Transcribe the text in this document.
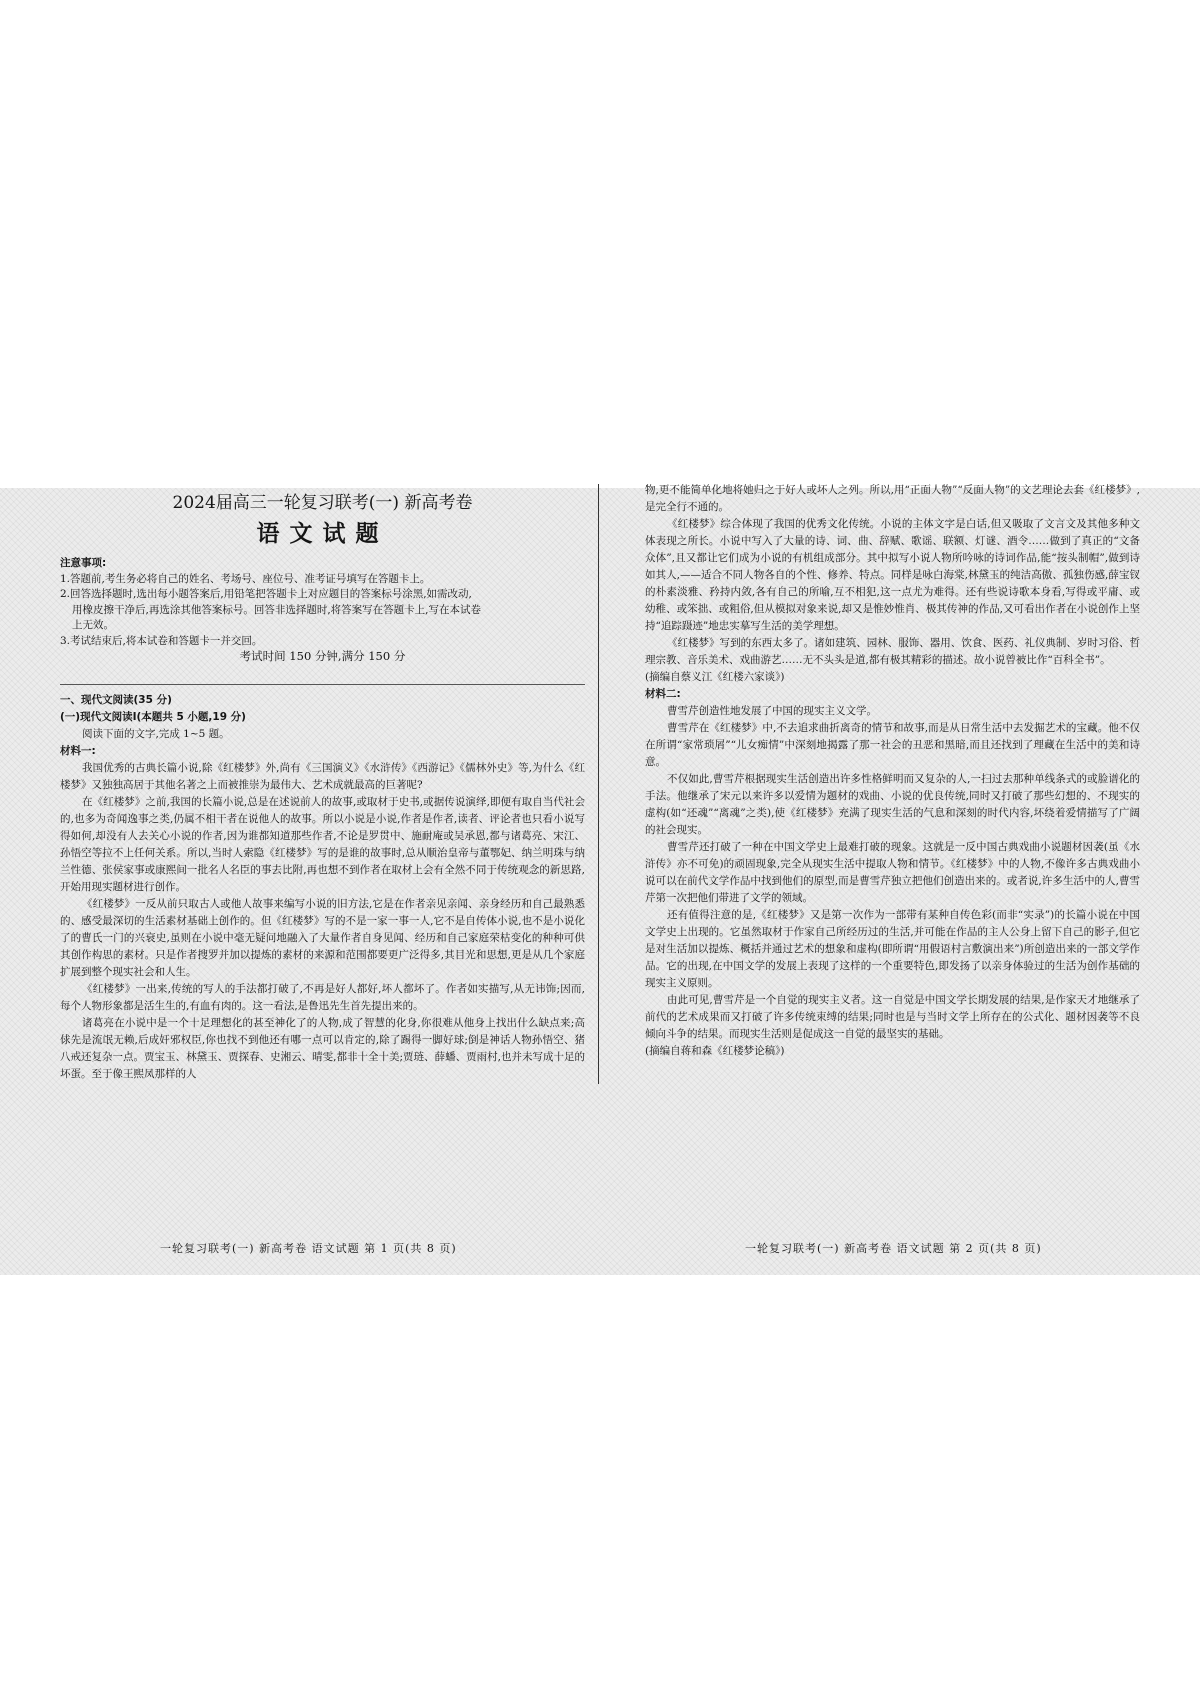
2024届高三一轮复习联考(一) 新高考卷
语文试题

注意事项:

1.答题前,考生务必将自己的姓名、考场号、座位号、准考证号填写在答题卡上。

2.回答选择题时,选出每小题答案后,用铅笔把答题卡上对应题目的答案标号涂黑,如需改动,

用橡皮擦干净后,再选涂其他答案标号。回答非选择题时,将答案写在答题卡上,写在本试卷

上无效。

3.考试结束后,将本试卷和答题卡一并交回。

考试时间 150 分钟,满分 150 分

一、现代文阅读(35 分)

(一)现代文阅读Ⅰ(本题共 5 小题,19 分)

阅读下面的文字,完成 1~5 题。

材料一:

我国优秀的古典长篇小说,除《红楼梦》外,尚有《三国演义》《水浒传》《西游记》《儒林外史》等,为什么《红楼梦》又独独高居于其他名著之上而被推崇为最伟大、艺术成就最高的巨著呢?

在《红楼梦》之前,我国的长篇小说,总是在述说前人的故事,或取材于史书,或据传说演绎,即便有取自当代社会的,也多为奇闻逸事之类,仍属不相干者在说他人的故事。所以小说是小说,作者是作者,读者、评论者也只看小说写得如何,却没有人去关心小说的作者,因为谁都知道那些作者,不论是罗贯中、施耐庵或吴承恩,都与诸葛亮、宋江、孙悟空等拉不上任何关系。所以,当时人索隐《红楼梦》写的是谁的故事时,总从顺治皇帝与董鄂妃、纳兰明珠与纳兰性德、张侯家事或康熙间一批名人名臣的事去比附,再也想不到作者在取材上会有全然不同于传统观念的新思路,开始用现实题材进行创作。

《红楼梦》一反从前只取古人或他人故事来编写小说的旧方法,它是在作者亲见亲闻、亲身经历和自己最熟悉的、感受最深切的生活素材基础上创作的。但《红楼梦》写的不是一家一事一人,它不是自传体小说,也不是小说化了的曹氏一门的兴衰史,虽则在小说中毫无疑问地融入了大量作者自身见闻、经历和自己家庭荣枯变化的种种可供其创作构思的素材。只是作者搜罗并加以提炼的素材的来源和范围都要更广泛得多,其目光和思想,更是从几个家庭扩展到整个现实社会和人生。

《红楼梦》一出来,传统的写人的手法都打破了,不再是好人都好,坏人都坏了。作者如实描写,从无讳饰;因而,每个人物形象都是活生生的,有血有肉的。这一看法,是鲁迅先生首先提出来的。

诸葛亮在小说中是一个十足理想化的甚至神化了的人物,成了智慧的化身,你很难从他身上找出什么缺点来;高俅先是流氓无赖,后成奸邪权臣,你也找不到他还有哪一点可以肯定的,除了踢得一脚好球;倒是神话人物孙悟空、猪八戒还复杂一点。贾宝玉、林黛玉、贾探春、史湘云、晴雯,都非十全十美;贾琏、薛蟠、贾雨村,也并未写成十足的坏蛋。至于像王熙凤那样的人

物,更不能简单化地将她归之于好人或坏人之列。所以,用“正面人物”“反面人物”的文艺理论去套《红楼梦》,是完全行不通的。

《红楼梦》综合体现了我国的优秀文化传统。小说的主体文字是白话,但又吸取了文言文及其他多种文体表现之所长。小说中写入了大量的诗、词、曲、辞赋、歌谣、联额、灯谜、酒令……做到了真正的“文备众体”,且又都让它们成为小说的有机组成部分。其中拟写小说人物所吟咏的诗词作品,能“按头制帽”,做到诗如其人,——适合不同人物各自的个性、修养、特点。同样是咏白海棠,林黛玉的纯洁高傲、孤独伤感,薛宝钗的朴素淡雅、矜持内敛,各有自己的所喻,互不相犯,这一点尤为难得。还有些说诗歌本身看,写得或平庸、或幼稚、或笨拙、或粗俗,但从模拟对象来说,却又是惟妙惟肖、极其传神的作品,又可看出作者在小说创作上坚持“追踪蹑迹”地忠实摹写生活的美学理想。

《红楼梦》写到的东西太多了。诸如建筑、园林、服饰、器用、饮食、医药、礼仪典制、岁时习俗、哲理宗教、音乐美术、戏曲游艺……无不头头是道,都有极其精彩的描述。故小说曾被比作“百科全书”。

(摘编自蔡义江《红楼六家谈》)

材料二:

曹雪芹创造性地发展了中国的现实主义文学。

曹雪芹在《红楼梦》中,不去追求曲折离奇的情节和故事,而是从日常生活中去发掘艺术的宝藏。他不仅在所谓“家常琐屑”“儿女痴情”中深刻地揭露了那一社会的丑恶和黑暗,而且还找到了理藏在生活中的美和诗意。

不仅如此,曹雪芹根据现实生活创造出许多性格鲜明而又复杂的人,一扫过去那种单线条式的或脸谱化的手法。他继承了宋元以来许多以爱情为题材的戏曲、小说的优良传统,同时又打破了那些幻想的、不现实的虚构(如“还魂”“离魂”之类),使《红楼梦》充满了现实生活的气息和深刻的时代内容,坏绕着爱情描写了广阔的社会现实。

曹雪芹还打破了一种在中国文学史上最难打破的现象。这就是一反中国古典戏曲小说题材因袭(虽《水浒传》亦不可免)的顽固现象,完全从现实生活中提取人物和情节。《红楼梦》中的人物,不像许多古典戏曲小说可以在前代文学作品中找到他们的原型,而是曹雪芹独立把他们创造出来的。或者说,许多生活中的人,曹雪芹第一次把他们带进了文学的领域。

还有值得注意的是,《红楼梦》又是第一次作为一部带有某种自传色彩(而非“实录”)的长篇小说在中国文学史上出现的。它虽然取材于作家自己所经历过的生活,并可能在作品的主人公身上留下自己的影子,但它是对生活加以提炼、概括并通过艺术的想象和虚构(即所谓“用假语村言敷演出来”)所创造出来的一部文学作品。它的出现,在中国文学的发展上表现了这样的一个重要特色,即发扬了以亲身体验过的生活为创作基础的现实主义原则。

由此可见,曹雪芹是一个自觉的现实主义者。这一自觉是中国文学长期发展的结果,是作家天才地继承了前代的艺术成果而又打破了许多传统束缚的结果;同时也是与当时文学上所存在的公式化、题材因袭等不良倾向斗争的结果。而现实生活则是促成这一自觉的最坚实的基础。

(摘编自蒋和森《红楼梦论稿》)

一轮复习联考(一) 新高考卷 语文试题 第 1 页(共 8 页)	一轮复习联考(一) 新高考卷 语文试题 第 2 页(共 8 页)
